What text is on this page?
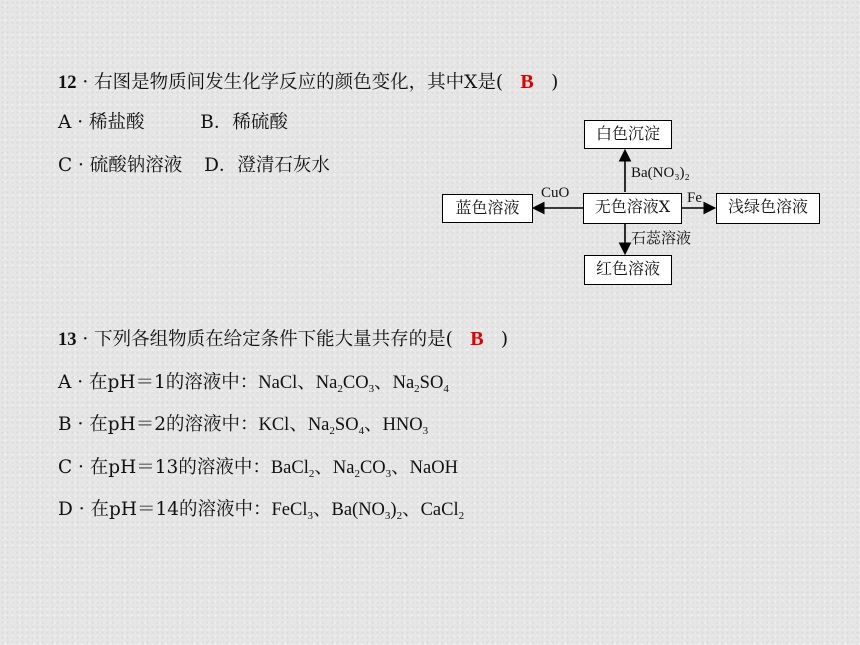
12 · 右图是物质间发生化学反应的颜色变化，其中X是( B )
A · 稀盐酸	B．稀硫酸
C · 硫酸钠溶液 D．澄清石灰水
白色沉淀
无色溶液X
蓝色溶液	浅绿色溶液
红色溶液
Ba(NO₃)₂
CuO	Fe
石蕊溶液
13 · 下列各组物质在给定条件下能大量共存的是( B )
A · 在pH＝1的溶液中：NaCl、$Na_2CO_3$、$Na_2SO_4$
B · 在pH＝2的溶液中：KCl、$Na_2SO_4$、$HNO_3$
C · 在pH＝13的溶液中：BaCl$_2$、$Na_2CO_3$、NaOH
D · 在pH＝14的溶液中：FeCl$_3$、$Ba(NO_3)_2$、CaCl$_2$
